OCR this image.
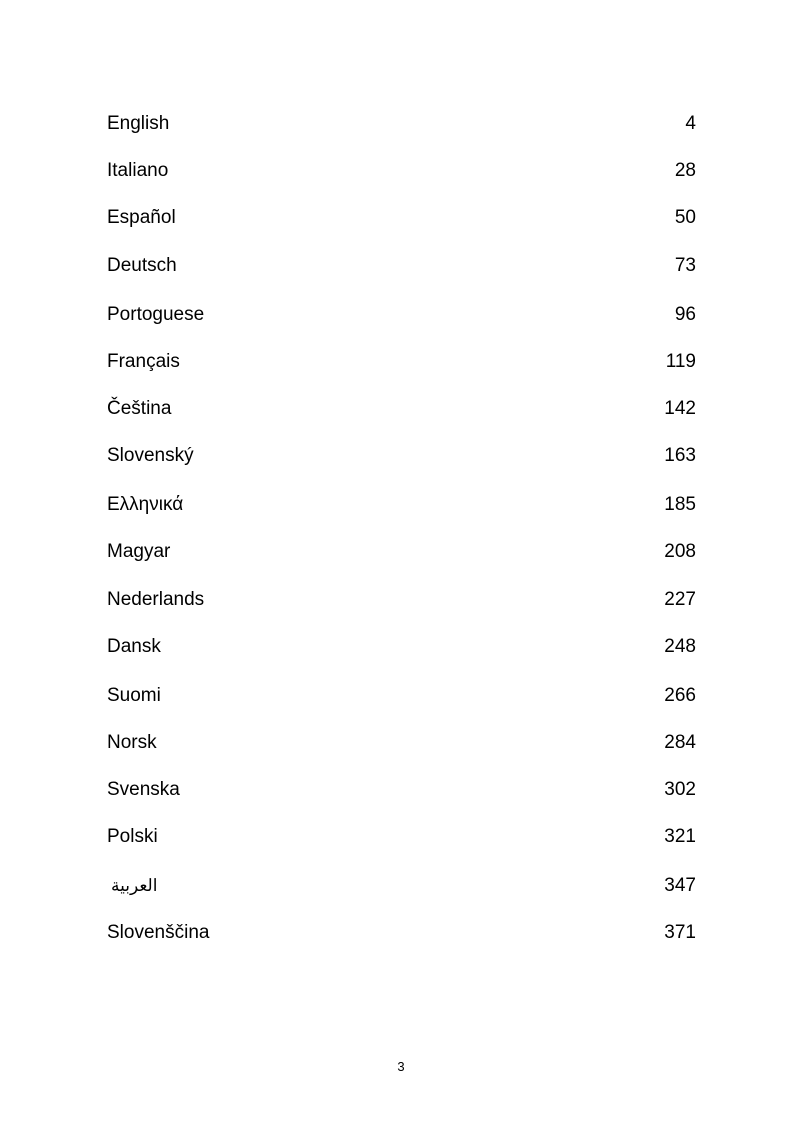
English	4
Italiano	28
Español	50
Deutsch	73
Portoguese	96
Français	119
Čeština	142
Slovenský	163
Ελληνικά	185
Magyar	208
Nederlands	227
Dansk	248
Suomi	266
Norsk	284
Svenska	302
Polski	321
العربية	347
Slovenščina	371
3
